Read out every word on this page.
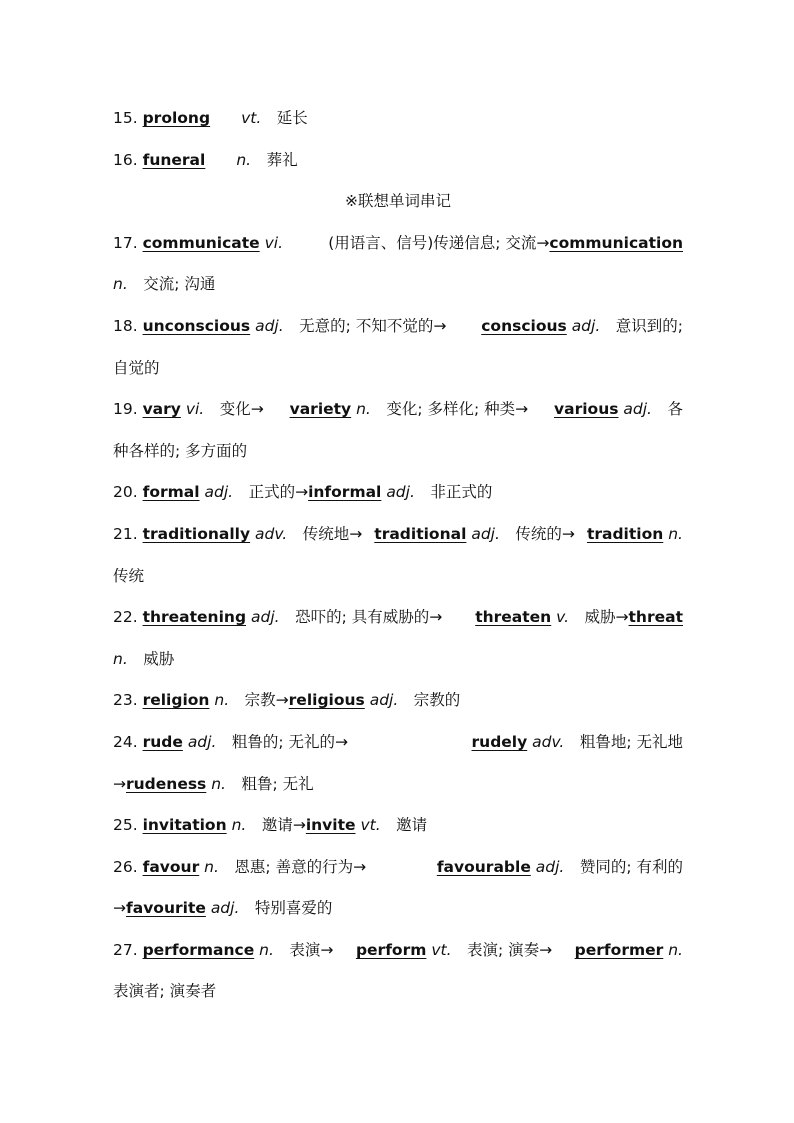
15. prolong　　 vt.　延长
16. funeral　　 n.　葬礼
※联想单词串记
17. communicate vi. 　(用语言、信号)传递信息; 交流→communication
n.　交流; 沟通
18. unconscious adj.　无意的; 不知不觉的→ conscious adj.　意识到的;
自觉的
19. vary vi.　变化→ variety n.　变化; 多样化; 种类→ various adj.　各
种各样的; 多方面的
20. formal adj.　正式的→informal adj.　非正式的
21. traditionally adv.　传统地→ traditional adj.　传统的→ tradition n.
传统
22. threatening adj.　恐吓的; 具有威胁的→ threaten v.　威胁→threat
n.　威胁
23. religion n.　宗教→religious adj.　宗教的
24. rude adj.　粗鲁的; 无礼的→	rudely adv.　粗鲁地; 无礼地
→rudeness n.　粗鲁; 无礼
25. invitation n.　邀请→invite vt.　邀请
26. favour n.　恩惠; 善意的行为→	favourable adj.　赞同的; 有利的
→favourite adj.　特别喜爱的
27. performance n.　表演→ perform vt.　表演; 演奏→ performer n.
表演者; 演奏者
